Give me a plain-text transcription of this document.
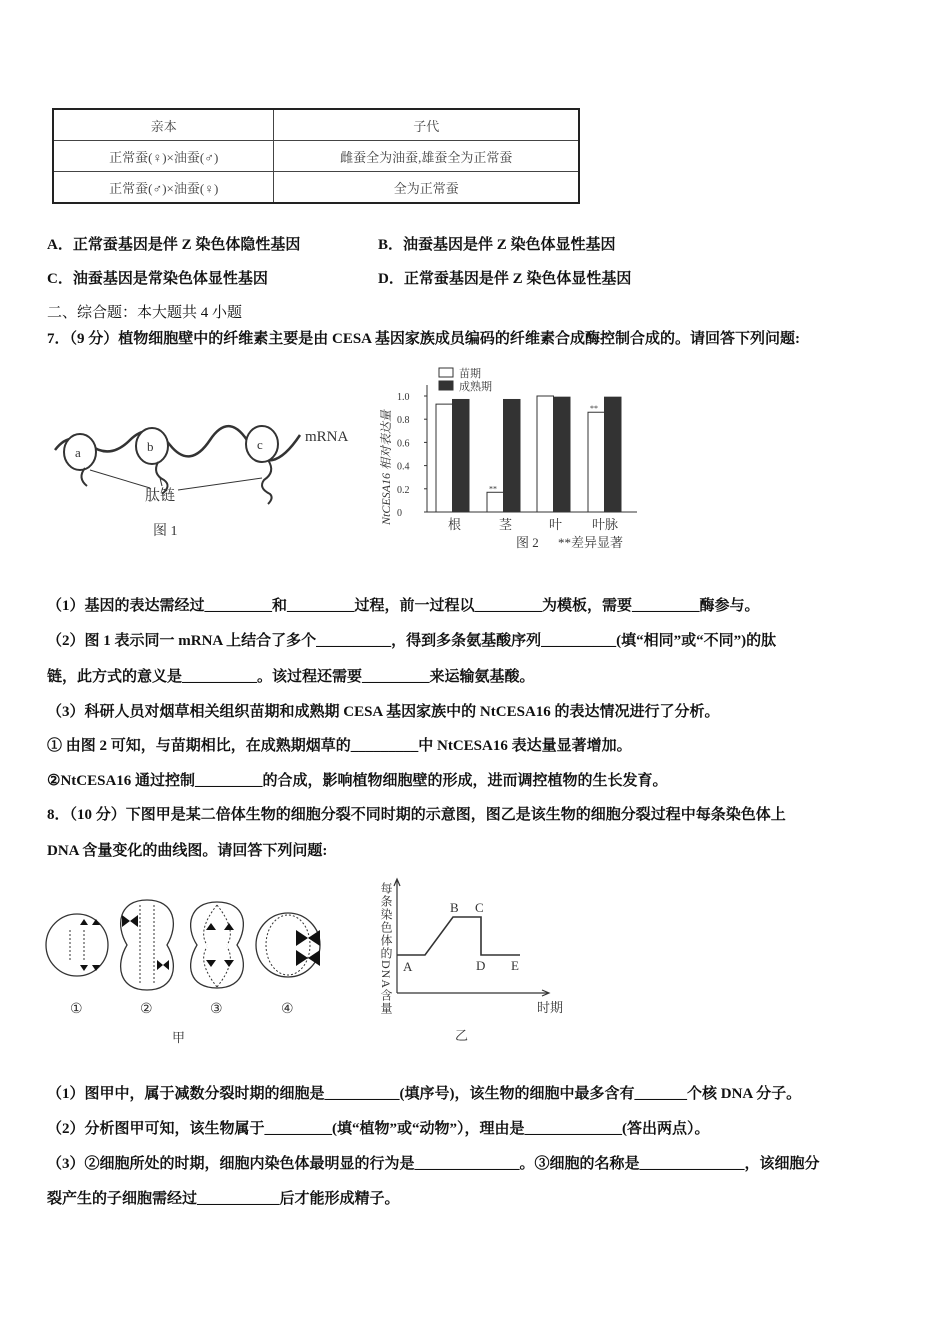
亲本	子代
正常蚕(♀)×油蚕(♂)	雌蚕全为油蚕,雄蚕全为正常蚕
正常蚕(♂)×油蚕(♀)	全为正常蚕
A．正常蚕基因是伴 Z 染色体隐性基因	B．油蚕基因是伴 Z 染色体显性基因
C．油蚕基因是常染色体显性基因	D．正常蚕基因是伴 Z 染色体显性基因
二、综合题：本大题共 4 小题
7．（9 分）植物细胞壁中的纤维素主要是由 CESA 基因家族成员编码的纤维素合成酶控制合成的。请回答下列问题:
a	b	c	mRNA
肽链
图 1
NtCESA16 相对表达量
图 2 **差异显著
0
0.2
0.4
0.6
0.8
1.0
根	茎
**
叶 叶脉
**
苗期
成熟期
（1）基因的表达需经过_________和_________过程，前一过程以_________为模板，需要_________酶参与。
（2）图 1 表示同一 mRNA 上结合了多个__________，得到多条氨基酸序列__________(填“相同”或“不同”)的肽
链，此方式的意义是__________。该过程还需要_________来运输氨基酸。
（3）科研人员对烟草相关组织苗期和成熟期 CESA 基因家族中的 NtCESA16 的表达情况进行了分析。
① 由图 2 可知，与苗期相比，在成熟期烟草的_________中 NtCESA16 表达量显著增加。
②NtCESA16 通过控制_________的合成，影响植物细胞壁的形成，进而调控植物的生长发育。
8．（10 分）下图甲是某二倍体生物的细胞分裂不同时期的示意图，图乙是该生物的细胞分裂过程中每条染色体上
DNA 含量变化的曲线图。请回答下列问题:
①	②	③	④
甲
A
B C
D E
每条染色体的DNA含量	时期
乙
（1）图甲中，属于减数分裂时期的细胞是__________(填序号)，该生物的细胞中最多含有_______个核 DNA 分子。
（2）分析图甲可知，该生物属于_________(填“植物”或“动物”），理由是_____________(答出两点）。
（3）②细胞所处的时期，细胞内染色体最明显的行为是______________。③细胞的名称是______________，该细胞分
裂产生的子细胞需经过___________后才能形成精子。
